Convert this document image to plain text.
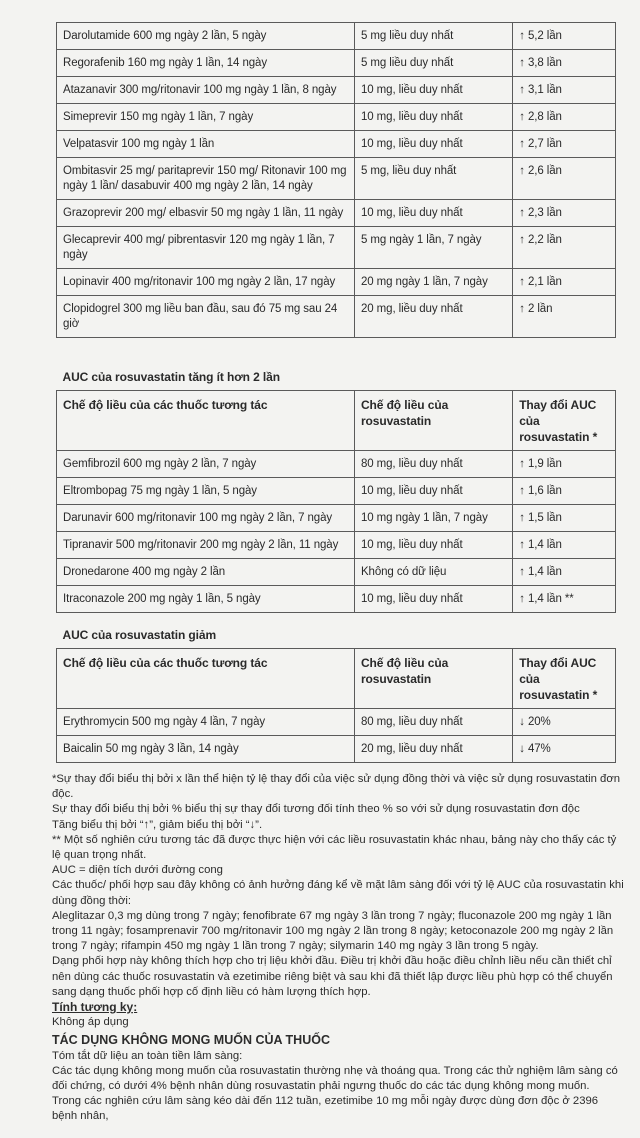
Darolutamide 600 mg ngày 2 lần, 5 ngày	5 mg liều duy nhất	↑ 5,2 lần
Regorafenib 160 mg ngày 1 lần, 14 ngày	5 mg liều duy nhất	↑ 3,8 lần
Atazanavir 300 mg/ritonavir 100 mg ngày 1 lần, 8 ngày	10 mg, liều duy nhất	↑ 3,1 lần
Simeprevir 150 mg ngày 1 lần, 7 ngày	10 mg, liều duy nhất	↑ 2,8 lần
Velpatasvir 100 mg ngày 1 lần	10 mg, liều duy nhất	↑ 2,7 lần
Ombitasvir 25 mg/ paritaprevir 150 mg/ Ritonavir 100 mg ngày 1 lần/ dasabuvir 400 mg ngày 2 lần, 14 ngày	5 mg, liều duy nhất	↑ 2,6 lần
Grazoprevir 200 mg/ elbasvir 50 mg ngày 1 lần, 11 ngày	10 mg, liều duy nhất	↑ 2,3 lần
Glecaprevir 400 mg/ pibrentasvir 120 mg ngày 1 lần, 7 ngày	5 mg ngày 1 lần, 7 ngày	↑ 2,2 lần
Lopinavir 400 mg/ritonavir 100 mg ngày 2 lần, 17 ngày	20 mg ngày 1 lần, 7 ngày	↑ 2,1 lần
Clopidogrel 300 mg liều ban đầu, sau đó 75 mg sau 24 giờ	20 mg, liều duy nhất	↑ 2 lần
AUC của rosuvastatin tăng ít hơn 2 lần		
Chế độ liều của các thuốc tương tác	Chế độ liều của rosuvastatin	Thay đổi AUC của rosuvastatin *
Gemfibrozil 600 mg ngày 2 lần, 7 ngày	80 mg, liều duy nhất	↑ 1,9 lần
Eltrombopag 75 mg ngày 1 lần, 5 ngày	10 mg, liều duy nhất	↑ 1,6 lần
Darunavir 600 mg/ritonavir 100 mg ngày 2 lần, 7 ngày	10 mg ngày 1 lần, 7 ngày	↑ 1,5 lần
Tipranavir 500 mg/ritonavir 200 mg ngày 2 lần, 11 ngày	10 mg, liều duy nhất	↑ 1,4 lần
Dronedarone 400 mg ngày 2 lần	Không có dữ liệu	↑ 1,4 lần
Itraconazole 200 mg ngày 1 lần, 5 ngày	10 mg, liều duy nhất	↑ 1,4 lần **
AUC của rosuvastatin giảm		
Chế độ liều của các thuốc tương tác	Chế độ liều của rosuvastatin	Thay đổi AUC của rosuvastatin *
Erythromycin 500 mg ngày 4 lần, 7 ngày	80 mg, liều duy nhất	↓ 20%
Baicalin 50 mg ngày 3 lần, 14 ngày	20 mg, liều duy nhất	↓ 47%

*Sự thay đổi biểu thị bởi x lần thể hiện tỷ lệ thay đổi của việc sử dụng đồng thời và việc sử dụng rosuvastatin đơn độc.

Sự thay đổi biểu thị bởi % biểu thị sự thay đổi tương đối tính theo % so với sử dụng rosuvastatin đơn độc

Tăng biểu thị bởi “↑”, giảm biểu thị bởi “↓”.

** Một số nghiên cứu tương tác đã được thực hiện với các liều rosuvastatin khác nhau, bảng này cho thấy các tỷ lệ quan trọng nhất.

AUC = diện tích dưới đường cong

Các thuốc/ phối hợp sau đây không có ảnh hưởng đáng kể về mặt lâm sàng đối với tỷ lệ AUC của rosuvastatin khi dùng đồng thời:

Aleglitazar 0,3 mg dùng trong 7 ngày; fenofibrate 67 mg ngày 3 lần trong 7 ngày; fluconazole 200 mg ngày 1 lần trong 11 ngày; fosamprenavir 700 mg/ritonavir 100 mg ngày 2 lần trong 8 ngày; ketoconazole 200 mg ngày 2 lần trong 7 ngày; rifampin 450 mg ngày 1 lần trong 7 ngày; silymarin 140 mg ngày 3 lần trong 5 ngày.

Dạng phối hợp này không thích hợp cho trị liệu khởi đầu. Điều trị khởi đầu hoặc điều chỉnh liều nếu cần thiết chỉ nên dùng các thuốc rosuvastatin và ezetimibe riêng biệt và sau khi đã thiết lập được liều phù hợp có thể chuyển sang dạng thuốc phối hợp cố định liều có hàm lượng thích hợp.

Tính tương kỵ:

Không áp dụng

TÁC DỤNG KHÔNG MONG MUỐN CỦA THUỐC

Tóm tắt dữ liệu an toàn tiền lâm sàng:

Các tác dụng không mong muốn của rosuvastatin thường nhẹ và thoáng qua. Trong các thử nghiệm lâm sàng có đối chứng, có dưới 4% bệnh nhân dùng rosuvastatin phải ngưng thuốc do các tác dụng không mong muốn.

Trong các nghiên cứu lâm sàng kéo dài đến 112 tuần, ezetimibe 10 mg mỗi ngày được dùng đơn độc ở 2396 bệnh nhân,
